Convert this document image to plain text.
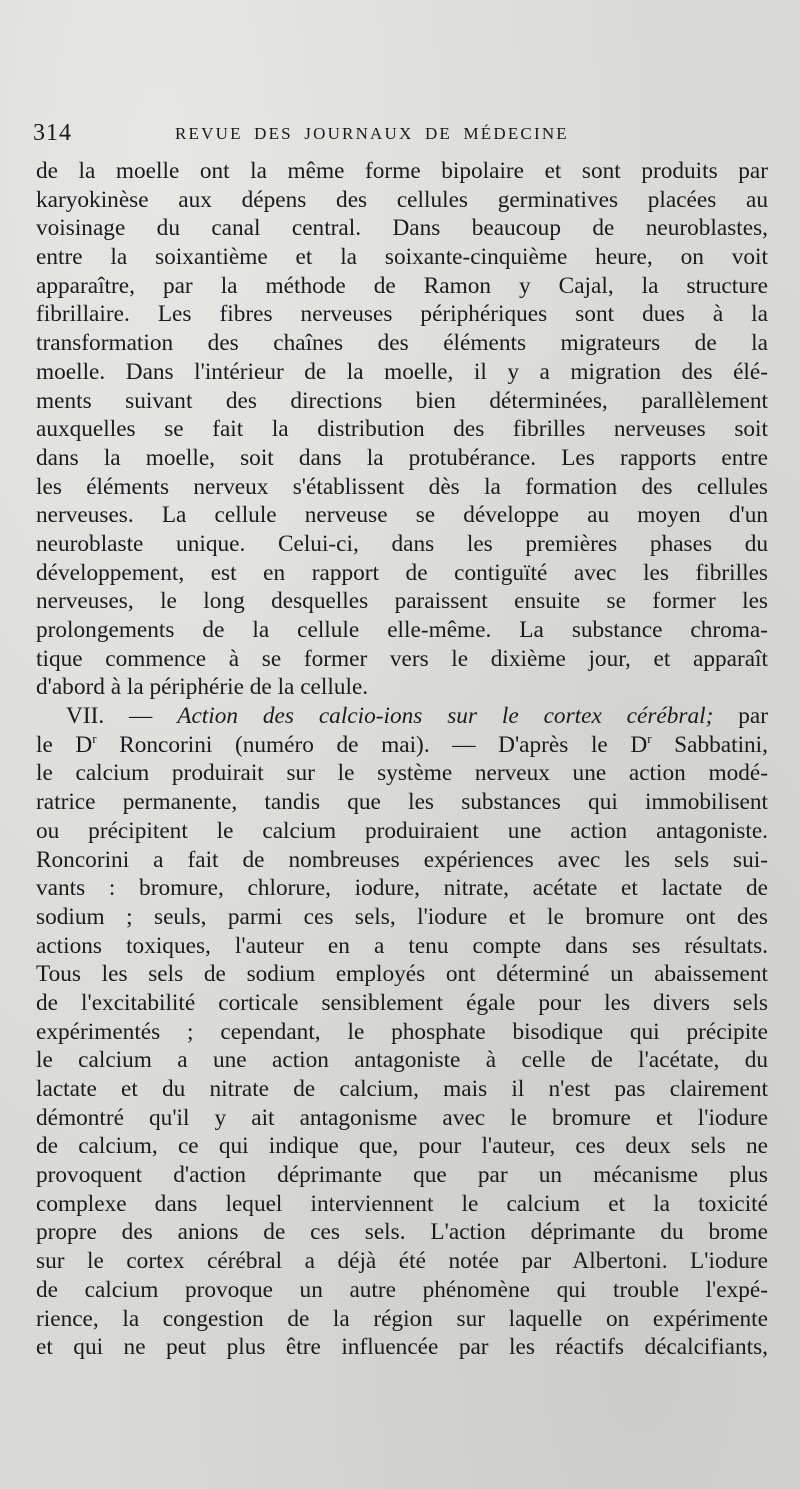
314	REVUE DES JOURNAUX DE MÉDECINE
de la moelle ont la même forme bipolaire et sont produits par
karyokinèse aux dépens des cellules germinatives placées au
voisinage du canal central. Dans beaucoup de neuroblastes,
entre la soixantième et la soixante-cinquième heure, on voit
apparaître, par la méthode de Ramon y Cajal, la structure
fibrillaire. Les fibres nerveuses périphériques sont dues à la
transformation des chaînes des éléments migrateurs de la
moelle. Dans l'intérieur de la moelle, il y a migration des élé-
ments suivant des directions bien déterminées, parallèlement
auxquelles se fait la distribution des fibrilles nerveuses soit
dans la moelle, soit dans la protubérance. Les rapports entre
les éléments nerveux s'établissent dès la formation des cellules
nerveuses. La cellule nerveuse se développe au moyen d'un
neuroblaste unique. Celui-ci, dans les premières phases du
développement, est en rapport de contiguïté avec les fibrilles
nerveuses, le long desquelles paraissent ensuite se former les
prolongements de la cellule elle-même. La substance chroma-
tique commence à se former vers le dixième jour, et apparaît
d'abord à la périphérie de la cellule.
VII. — Action des calcio-ions sur le cortex cérébral; par
le $D^r$ Roncorini (numéro de mai). — D'après le $D^r$ Sabbatini,
le calcium produirait sur le système nerveux une action modé-
ratrice permanente, tandis que les substances qui immobilisent
ou précipitent le calcium produiraient une action antagoniste.
Roncorini a fait de nombreuses expériences avec les sels sui-
vants : bromure, chlorure, iodure, nitrate, acétate et lactate de
sodium ; seuls, parmi ces sels, l'iodure et le bromure ont des
actions toxiques, l'auteur en a tenu compte dans ses résultats.
Tous les sels de sodium employés ont déterminé un abaissement
de l'excitabilité corticale sensiblement égale pour les divers sels
expérimentés ; cependant, le phosphate bisodique qui précipite
le calcium a une action antagoniste à celle de l'acétate, du
lactate et du nitrate de calcium, mais il n'est pas clairement
démontré qu'il y ait antagonisme avec le bromure et l'iodure
de calcium, ce qui indique que, pour l'auteur, ces deux sels ne
provoquent d'action déprimante que par un mécanisme plus
complexe dans lequel interviennent le calcium et la toxicité
propre des anions de ces sels. L'action déprimante du brome
sur le cortex cérébral a déjà été notée par Albertoni. L'iodure
de calcium provoque un autre phénomène qui trouble l'expé-
rience, la congestion de la région sur laquelle on expérimente
et qui ne peut plus être influencée par les réactifs décalcifiants,
